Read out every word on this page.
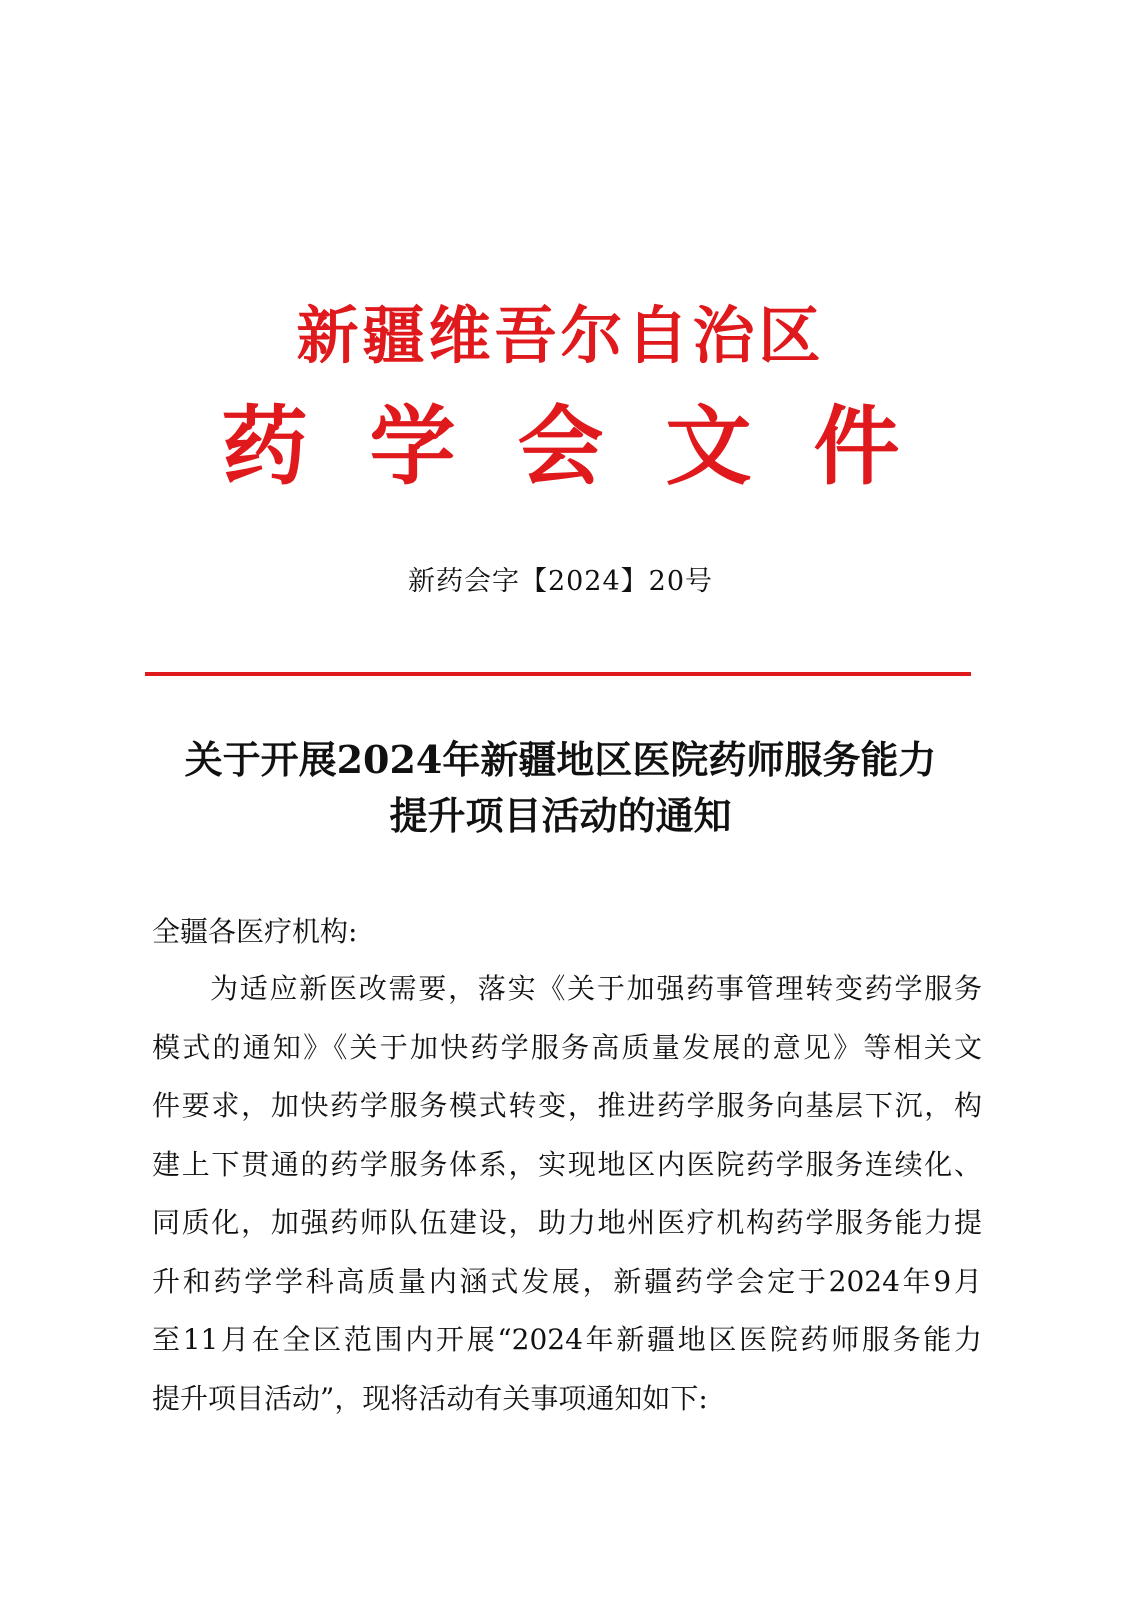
新疆维吾尔自治区
药学会文件
新药会字【2024】20号
关于开展2024年新疆地区医院药师服务能力
提升项目活动的通知
全疆各医疗机构:
为适应新医改需要，落实《关于加强药事管理转变药学服务
模式的通知》《关于加快药学服务高质量发展的意见》等相关文
件要求，加快药学服务模式转变，推进药学服务向基层下沉，构
建上下贯通的药学服务体系，实现地区内医院药学服务连续化、
同质化，加强药师队伍建设，助力地州医疗机构药学服务能力提
升和药学学科高质量内涵式发展，新疆药学会定于2024年9月
至11月在全区范围内开展“2024年新疆地区医院药师服务能力
提升项目活动”，现将活动有关事项通知如下:
